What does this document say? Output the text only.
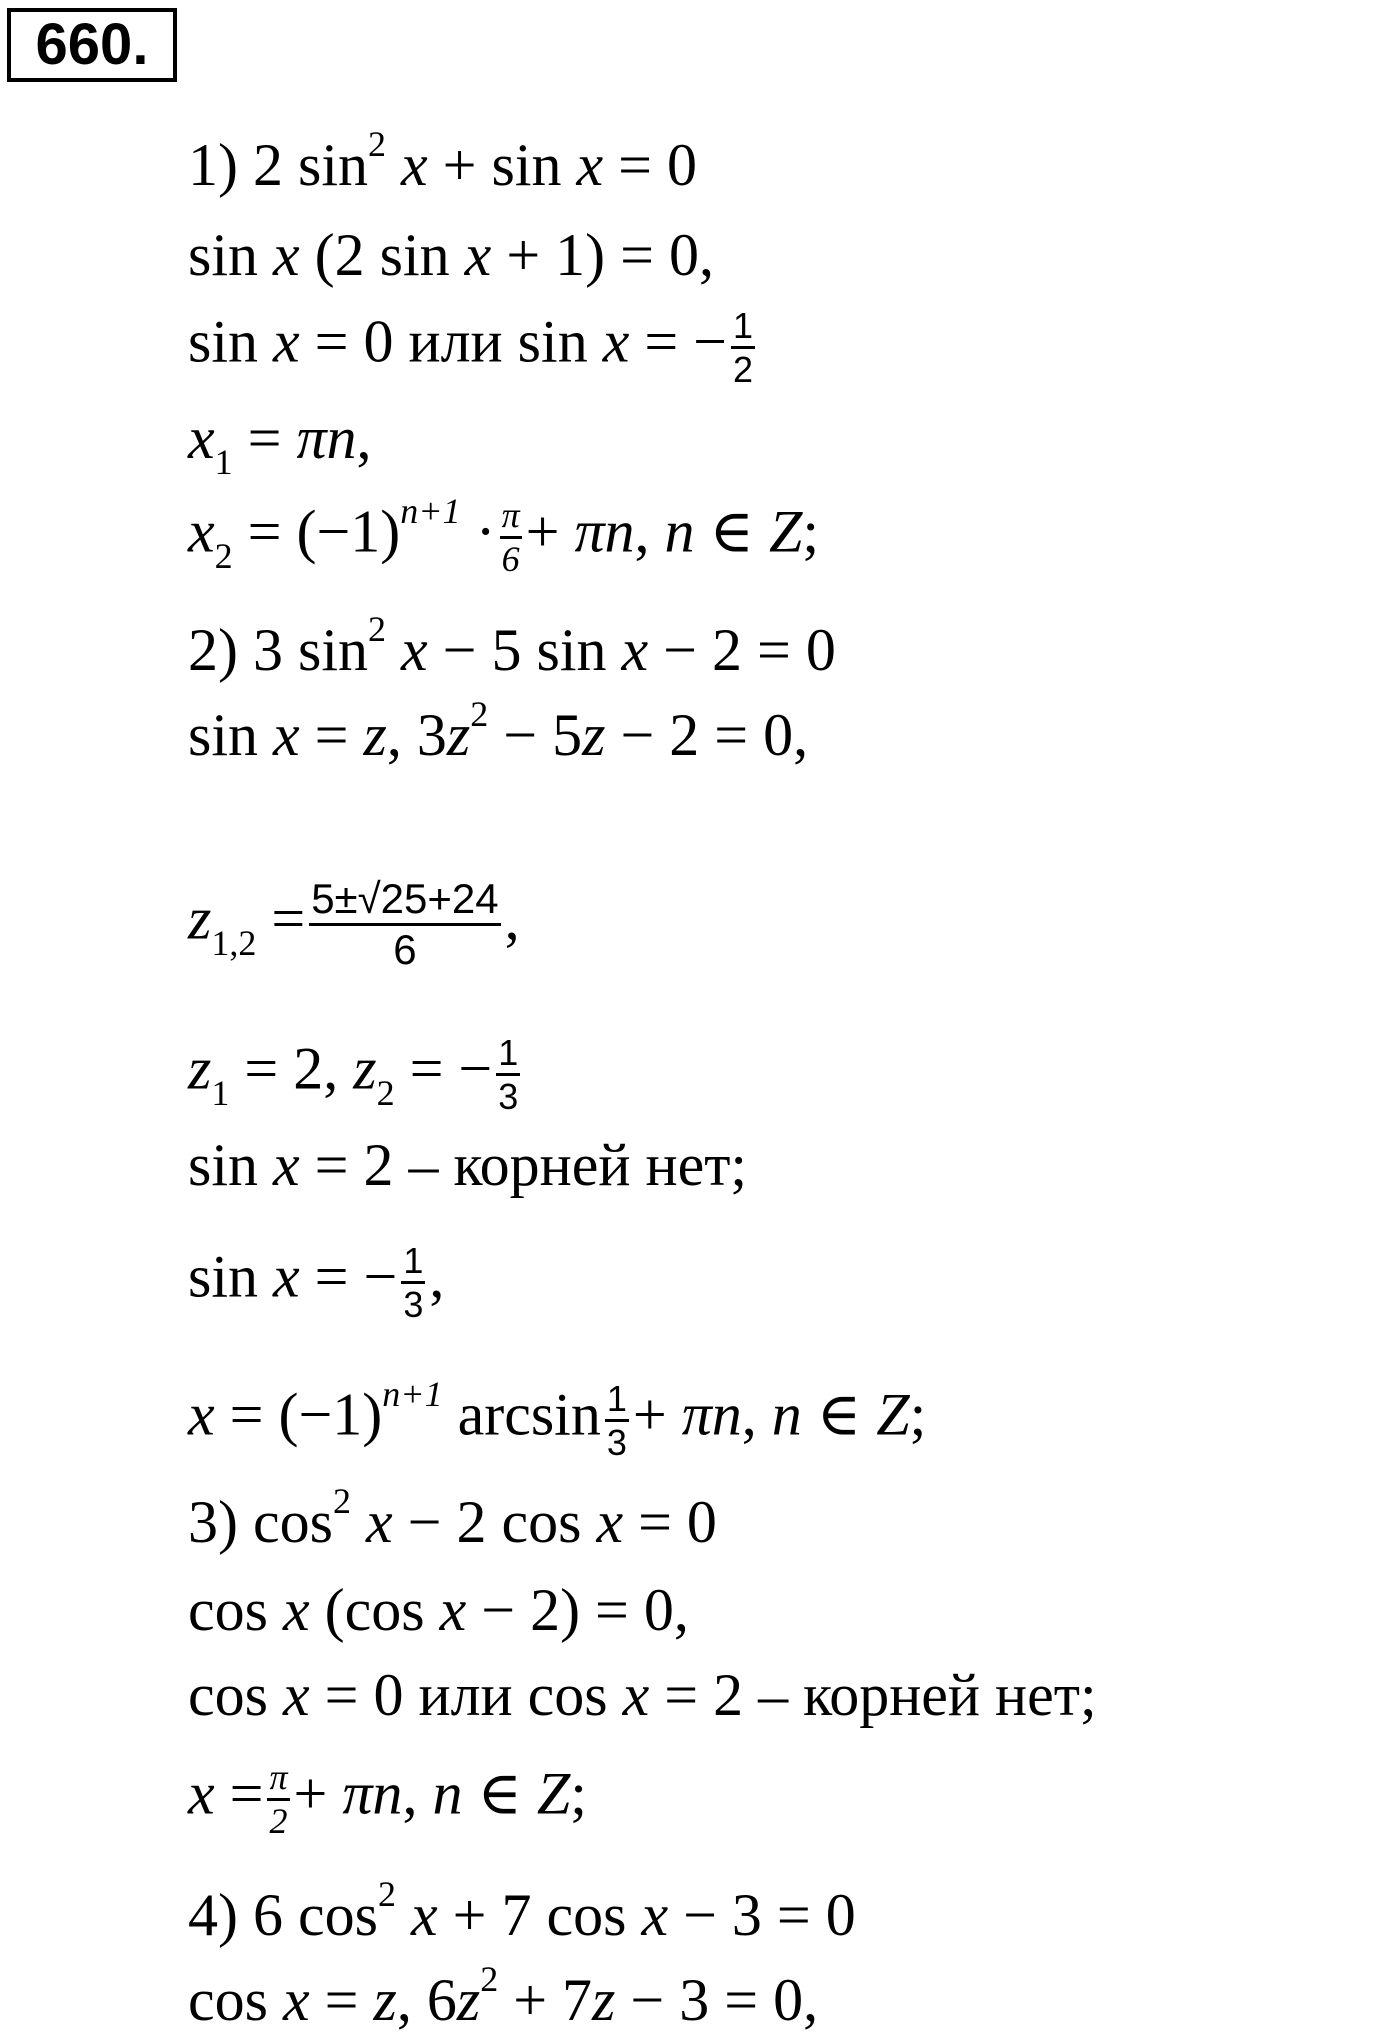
660.
1) 2 $\sin^2 x + \sin x = 0$
sin x (2 sin x + 1) = 0,
sin x = 0 или sin x = − $\frac{1}{2}$
$x_1 = \pi n$,
$x_2 = (-1)^{n+1} \cdot \frac{\pi}{6} + \pi n$, n ∈ Z;
2) 3 $\sin^2 x - 5$ sin x − 2 = 0
sin x = z, $3z^2 - 5z - 2 = 0$,
$z_{1,2} = \frac{5\pm√25+24}{6}$ ,
$z_1 = 2$, $z_2$ = − $\frac{1}{3}$
sin x = 2 – корней нет;
sin x = − $\frac{1}{3}$ ,
$x = (-1)^{n+1}$ $\arcsin \frac{1}{3} + \pi n$, n ∈ Z;
3) $\cos^2 x - 2$ cos x = 0
cos x (cos x − 2) = 0,
cos x = 0 или cos x = 2 – корней нет;
$x = \frac{\pi}{2} + \pi n$, n ∈ Z;
4) 6 $\cos^2 x + 7$ cos x − 3 = 0
cos x = z, $6z^2 + 7z - 3 = 0$,
